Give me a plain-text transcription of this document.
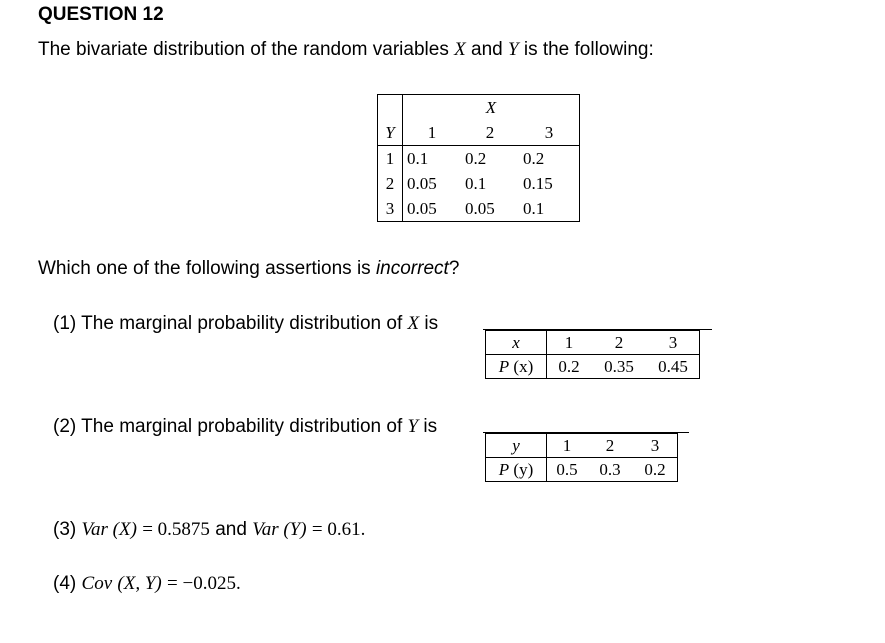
QUESTION 12
The bivariate distribution of the random variables X and Y is the following:
	X		
Y	1	2	3
1	0.1	0.2	0.2
2	0.05	0.1	0.15
3	0.05	0.05	0.1
Which one of the following assertions is incorrect?
(1) The marginal probability distribution of X is
x	1	2	3
P (x)	0.2	0.35	0.45
(2) The marginal probability distribution of Y is
y	1	2	3
P (y)	0.5	0.3	0.2
(3) Var (X) = 0.5875 and Var (Y) = 0.61.
(4) Cov (X, Y) = −0.025.
